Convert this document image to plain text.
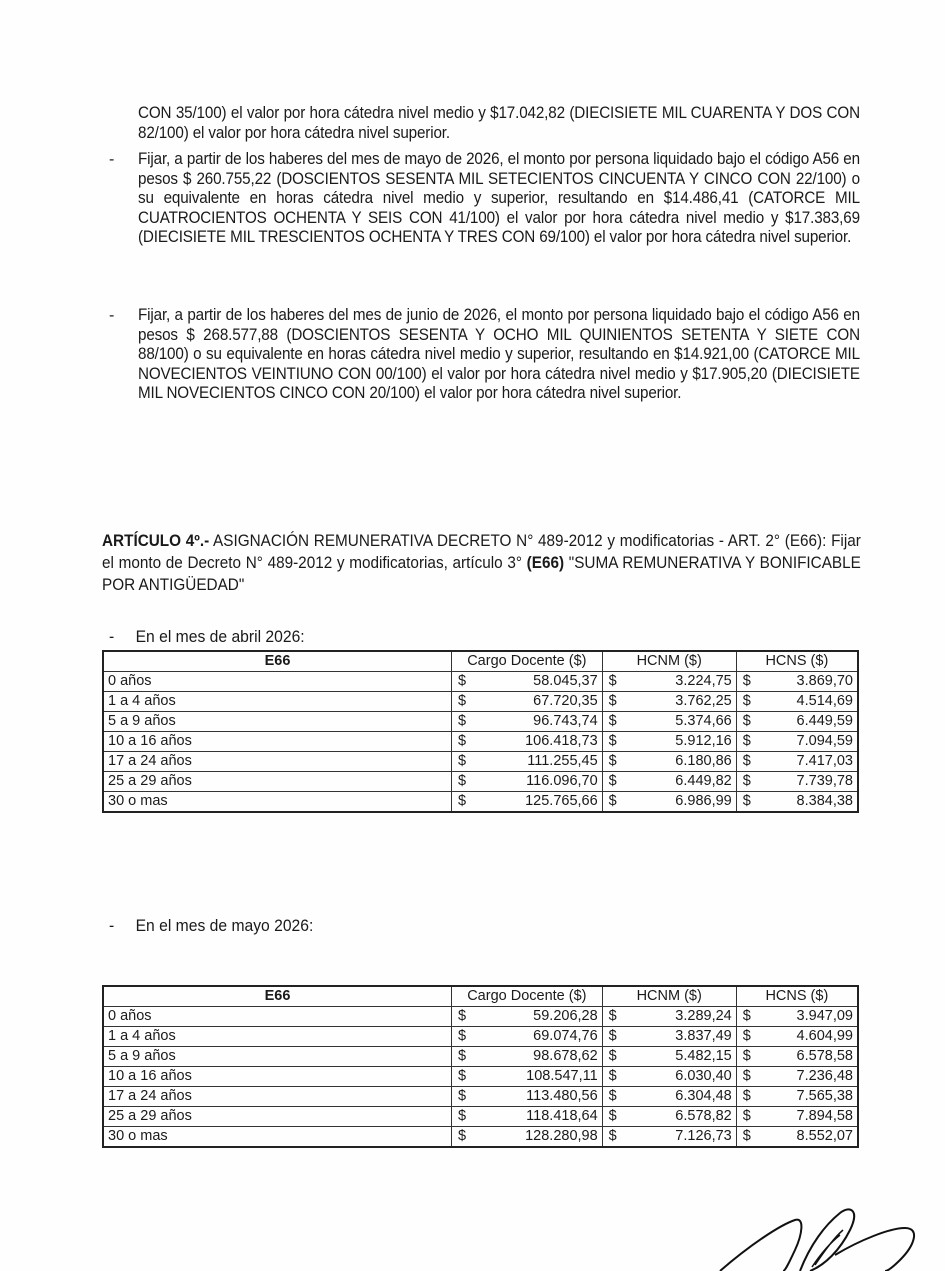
CON 35/100) el valor por hora cátedra nivel medio y $17.042,82 (DIECISIETE MIL CUARENTA Y DOS CON 82/100) el valor por hora cátedra nivel superior.
- Fijar, a partir de los haberes del mes de mayo de 2026, el monto por persona liquidado bajo el código A56 en pesos $ 260.755,22 (DOSCIENTOS SESENTA MIL SETECIENTOS CINCUENTA Y CINCO CON 22/100) o su equivalente en horas cátedra nivel medio y superior, resultando en $14.486,41 (CATORCE MIL CUATROCIENTOS OCHENTA Y SEIS CON 41/100) el valor por hora cátedra nivel medio y $17.383,69 (DIECISIETE MIL TRESCIENTOS OCHENTA Y TRES CON 69/100) el valor por hora cátedra nivel superior.
- Fijar, a partir de los haberes del mes de junio de 2026, el monto por persona liquidado bajo el código A56 en pesos $ 268.577,88 (DOSCIENTOS SESENTA Y OCHO MIL QUINIENTOS SETENTA Y SIETE CON 88/100) o su equivalente en horas cátedra nivel medio y superior, resultando en $14.921,00 (CATORCE MIL NOVECIENTOS VEINTIUNO CON 00/100) el valor por hora cátedra nivel medio y $17.905,20 (DIECISIETE MIL NOVECIENTOS CINCO CON 20/100) el valor por hora cátedra nivel superior.
ARTÍCULO 4º.- ASIGNACIÓN REMUNERATIVA DECRETO N° 489-2012 y modificatorias - ART. 2° (E66): Fijar el monto de Decreto N° 489-2012 y modificatorias, artículo 3° (E66) "SUMA REMUNERATIVA Y BONIFICABLE POR ANTIGÜEDAD"
- En el mes de abril 2026:
E66	Cargo Docente ($)	HCNM ($)	HCNS ($)
0 años	$ 58.045,37	$ 3.224,75	$ 3.869,70

1 a 4 años	$ 67.720,35	$ 3.762,25	$ 4.514,69

5 a 9 años	$ 96.743,74	$ 5.374,66	$ 6.449,59

10 a 16 años	$ 106.418,73	$ 5.912,16	$ 7.094,59

17 a 24 años	$ 111.255,45	$ 6.180,86	$ 7.417,03

25 a 29 años	$ 116.096,70	$ 6.449,82	$ 7.739,78

30 o mas	$ 125.765,66	$ 6.986,99	$ 8.384,38
- En el mes de mayo 2026:
E66	Cargo Docente ($)	HCNM ($)	HCNS ($)
0 años	$ 59.206,28	$ 3.289,24	$ 3.947,09

1 a 4 años	$ 69.074,76	$ 3.837,49	$ 4.604,99

5 a 9 años	$ 98.678,62	$ 5.482,15	$ 6.578,58

10 a 16 años	$ 108.547,11	$ 6.030,40	$ 7.236,48

17 a 24 años	$ 113.480,56	$ 6.304,48	$ 7.565,38

25 a 29 años	$ 118.418,64	$ 6.578,82	$ 7.894,58

30 o mas	$ 128.280,98	$ 7.126,73	$ 8.552,07
